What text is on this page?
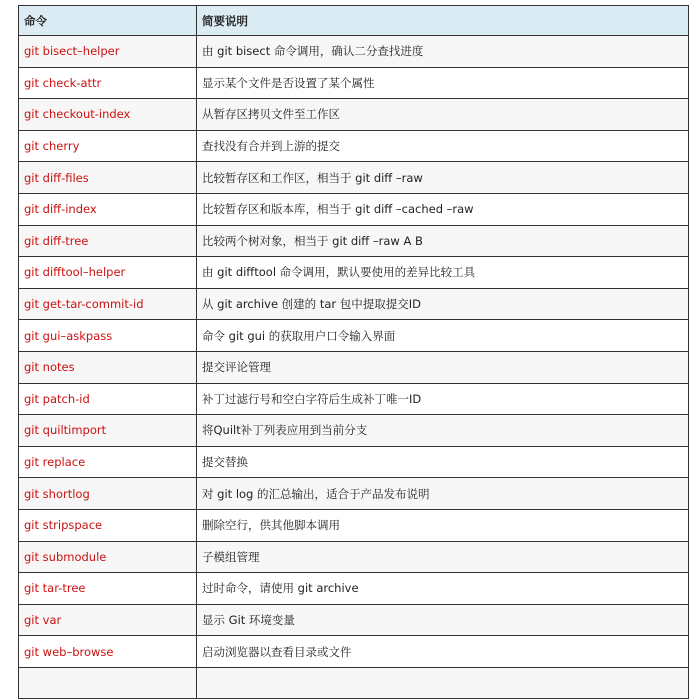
命令	简要说明
git bisect–helper	由 git bisect 命令调用，确认二分查找进度
git check-attr	显示某个文件是否设置了某个属性
git checkout-index	从暂存区拷贝文件至工作区
git cherry	查找没有合并到上游的提交
git diff-files	比较暂存区和工作区，相当于 git diff –raw
git diff-index	比较暂存区和版本库，相当于 git diff –cached –raw
git diff-tree	比较两个树对象，相当于 git diff –raw A B
git difftool–helper	由 git difftool 命令调用，默认要使用的差异比较工具
git get-tar-commit-id	从 git archive 创建的 tar 包中提取提交ID
git gui–askpass	命令 git gui 的获取用户口令输入界面
git notes	提交评论管理
git patch-id	补丁过滤行号和空白字符后生成补丁唯一ID
git quiltimport	将Quilt补丁列表应用到当前分支
git replace	提交替换
git shortlog	对 git log 的汇总输出，适合于产品发布说明
git stripspace	删除空行，供其他脚本调用
git submodule	子模组管理
git tar-tree	过时命令，请使用 git archive
git var	显示 Git 环境变量
git web–browse	启动浏览器以查看目录或文件
